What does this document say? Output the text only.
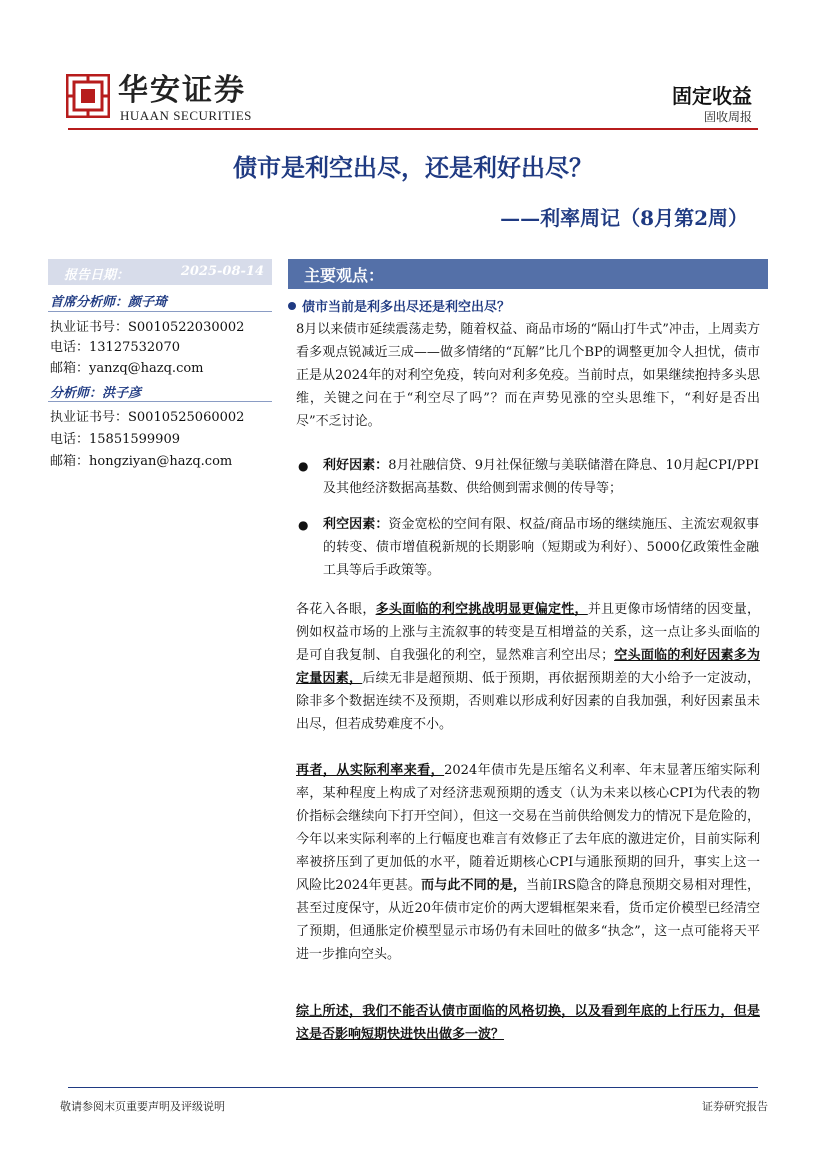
华安证券
HUAAN SECURITIES
固定收益
固收周报
债市是利空出尽，还是利好出尽？
——利率周记（8月第2周）
报告日期：	2025-08-14
首席分析师：颜子琦
执业证书号：S0010522030002
电话：13127532070
邮箱：yanzq@hazq.com
分析师：洪子彦
执业证书号：S0010525060002
电话：15851599909
邮箱：hongziyan@hazq.com
主要观点：
债市当前是利多出尽还是利空出尽？
8月以来债市延续震荡走势，随着权益、商品市场的“隔山打牛式”冲击，上周卖方看多观点锐减近三成——做多情绪的“瓦解”比几个BP的调整更加令人担忧，债市正是从2024年的对利空免疫，转向对利多免疫。当前时点，如果继续抱持多头思维，关键之问在于“利空尽了吗”？而在声势见涨的空头思维下，“利好是否出尽”不乏讨论。
● 利好因素：8月社融信贷、9月社保征缴与美联储潜在降息、10月起CPI/PPI及其他经济数据高基数、供给侧到需求侧的传导等；
● 利空因素：资金宽松的空间有限、权益/商品市场的继续施压、主流宏观叙事的转变、债市增值税新规的长期影响（短期或为利好）、5000亿政策性金融工具等后手政策等。
各花入各眼，多头面临的利空挑战明显更偏定性，并且更像市场情绪的因变量，例如权益市场的上涨与主流叙事的转变是互相增益的关系，这一点让多头面临的是可自我复制、自我强化的利空，显然难言利空出尽；空头面临的利好因素多为定量因素，后续无非是超预期、低于预期，再依据预期差的大小给予一定波动，除非多个数据连续不及预期，否则难以形成利好因素的自我加强，利好因素虽未出尽，但若成势难度不小。
再者，从实际利率来看，2024年债市先是压缩名义利率、年末显著压缩实际利率，某种程度上构成了对经济悲观预期的透支（认为未来以核心CPI为代表的物价指标会继续向下打开空间），但这一交易在当前供给侧发力的情况下是危险的，今年以来实际利率的上行幅度也难言有效修正了去年底的激进定价，目前实际利率被挤压到了更加低的水平，随着近期核心CPI与通胀预期的回升，事实上这一风险比2024年更甚。而与此不同的是，当前IRS隐含的降息预期交易相对理性，甚至过度保守，从近20年债市定价的两大逻辑框架来看，货币定价模型已经清空了预期，但通胀定价模型显示市场仍有未回吐的做多“执念”，这一点可能将天平进一步推向空头。
综上所述，我们不能否认债市面临的风格切换，以及看到年底的上行压力，但是这是否影响短期快进快出做多一波？
敬请参阅末页重要声明及评级说明	证券研究报告
